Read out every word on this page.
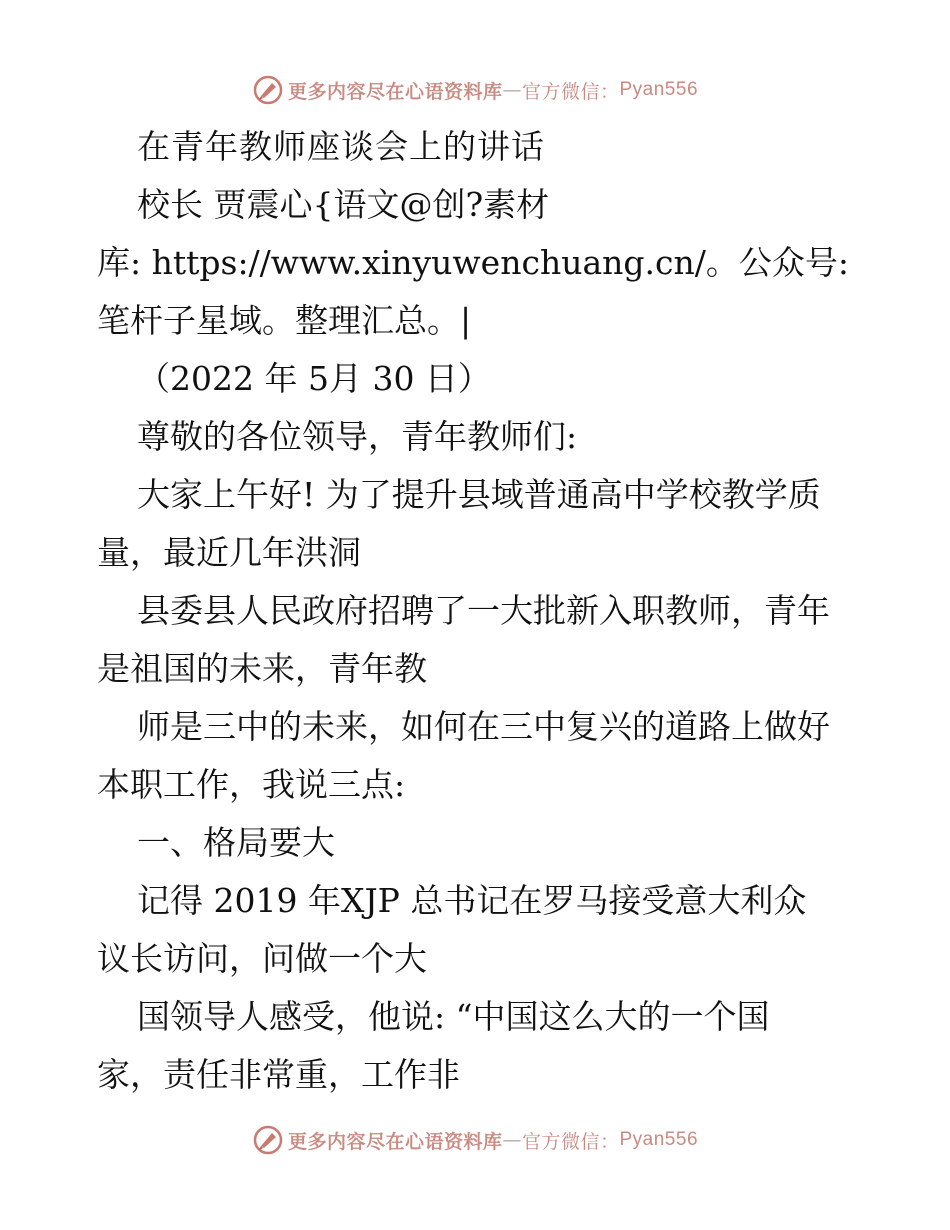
更多内容尽在心语资料库 — 官方微信： Pyan556

在青年教师座谈会上的讲话

校长 贾震心{语文@创?素材

库: https://www.xinyuwenchuang.cn/。公众号:

笔杆子星域。整理汇总。|

（2022 年 5月 30 日）

尊敬的各位领导，青年教师们:

大家上午好! 为了提升县域普通高中学校教学质

量，最近几年洪洞

县委县人民政府招聘了一大批新入职教师，青年

是祖国的未来，青年教

师是三中的未来，如何在三中复兴的道路上做好

本职工作，我说三点:

一、格局要大

记得 2019 年XJP 总书记在罗马接受意大利众

议长访问，问做一个大

国领导人感受，他说: “中国这么大的一个国

家，责任非常重，工作非

更多内容尽在心语资料库 — 官方微信： Pyan556
